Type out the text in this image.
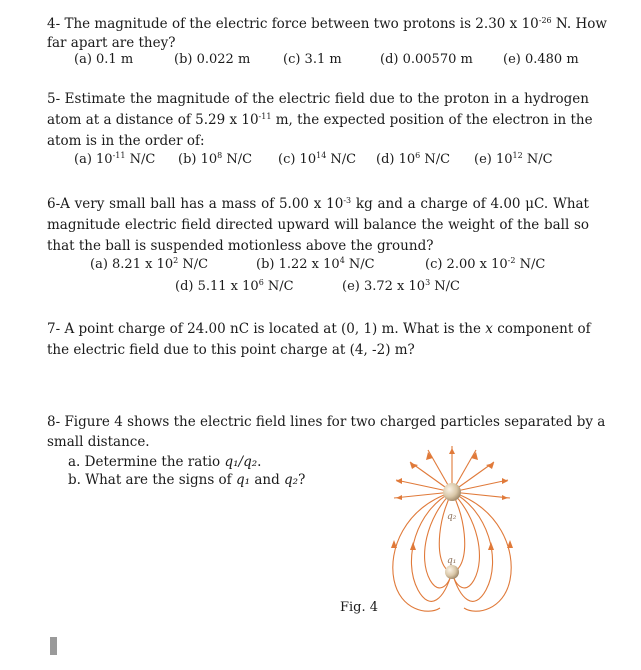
4- The magnitude of the electric force between two protons is 2.30 x $10^{-26}$ N. How
far apart are they?
(a) 0.1 m	(b) 0.022 m	(c) 3.1 m	(d) 0.00570 m (e) 0.480 m
5- Estimate the magnitude of the electric field due to the proton in a hydrogen
atom at a distance of 5.29 x $10^{-11}$ m, the expected position of the electron in the
atom is in the order of:
(a) $10^{-11}$ N/C (b) $10^8$ N/C (c) $10^{14}$ N/C (d) $10^6$ N/C (e) $10^{12}$ N/C
6-A very small ball has a mass of 5.00 x $10^{-3}$ kg and a charge of 4.00 μC. What
magnitude electric field directed upward will balance the weight of the ball so
that the ball is suspended motionless above the ground?
(a) 8.21 x $10^2$ N/C	(b) 1.22 x $10^4$ N/C	(c) 2.00 x $10^{-2}$ N/C
(d) 5.11 x $10^6$ N/C	(e) 3.72 x $10^3$ N/C
7- A point charge of 24.00 nC is located at (0, 1) m. What is the x component of
the electric field due to this point charge at (4, -2) m?
8- Figure 4 shows the electric field lines for two charged particles separated by a
small distance.
a. Determine the ratio q₁/q₂.
b. What are the signs of q₁ and q₂?
q₂
q₁
Fig. 4
